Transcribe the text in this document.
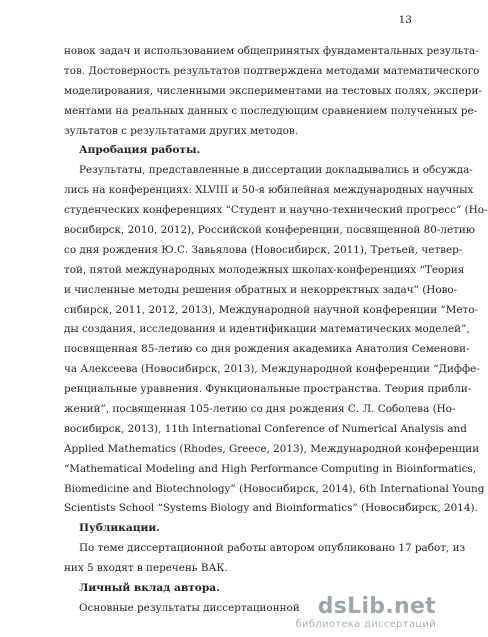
13
новок задач и использованием общепринятых фундаментальных результа-
тов. Достоверность результатов подтверждена методами математического
моделирования, численными экспериментами на тестовых полях, экспери-
ментами на реальных данных с последующим сравнением полученных ре-
зультатов с результатами других методов.
Апробация работы.
Результаты, представленные в диссертации докладывались и обсужда-
лись на конференциях: XLVIII и 50-я юбилейная международных научных
студенческих конференциях “Студент и научно-технический прогресс” (Но-
восибирск, 2010, 2012), Российской конференции, посвященной 80-летию
со дня рождения Ю.С. Завьялова (Новосибирск, 2011), Третьей, четвер-
той, пятой международных молодежных школах-конференциях “Теория
и численные методы решения обратных и некорректных задач” (Ново-
сибирск, 2011, 2012, 2013), Международной научной конференции “Мето-
ды создания, исследования и идентификации математических моделей”,
посвященная 85-летию со дня рождения академика Анатолия Семенови-
ча Алексеева (Новосибирск, 2013), Международной конференции “Диффе-
ренциальные уравнения. Функциональные пространства. Теория прибли-
жений”, посвященная 105-летию со дня рождения С. Л. Соболева (Но-
восибирск, 2013), 11th International Conference of Numerical Analysis and
Applied Mathematics (Rhodes, Greece, 2013), Международной конференции
“Mathematical Modeling and High Performance Computing in Bioinformatics,
Biomedicine and Biotechnology” (Новосибирск, 2014), 6th International Young
Scientists School “Systems Biology and Bioinformatics” (Новосибирск, 2014).
Публикации.
По теме диссертационной работы автором опубликовано 17 работ, из
них 5 входят в перечень ВАК.
Личный вклад автора.
Основные результаты диссертационной dsLib.net
библиотека диссертаций
